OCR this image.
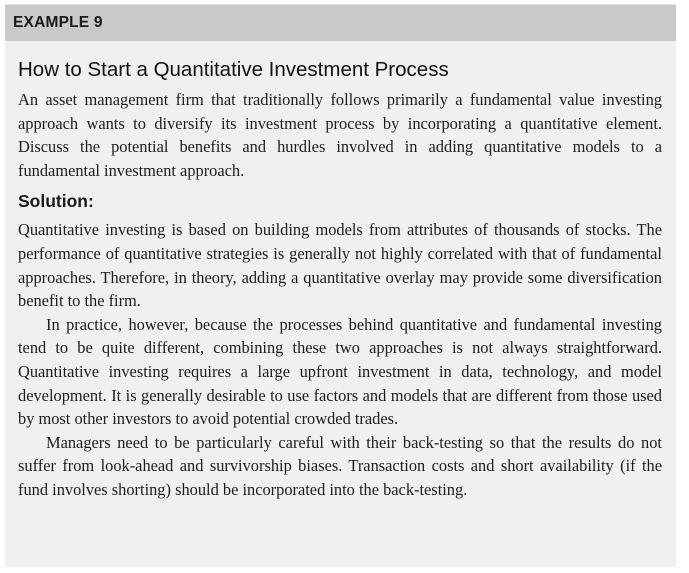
EXAMPLE 9
How to Start a Quantitative Investment Process

An asset management firm that traditionally follows primarily a fundamental value investing approach wants to diversify its investment process by incorporating a quantitative element. Discuss the potential benefits and hurdles involved in adding quantitative models to a fundamental investment approach.

Solution:

Quantitative investing is based on building models from attributes of thousands of stocks. The performance of quantitative strategies is generally not highly correlated with that of fundamental approaches. Therefore, in theory, adding a quantitative overlay may provide some diversification benefit to the firm.

In practice, however, because the processes behind quantitative and fundamental investing tend to be quite different, combining these two approaches is not always straightforward. Quantitative investing requires a large upfront investment in data, technology, and model development. It is generally desirable to use factors and models that are different from those used by most other investors to avoid potential crowded trades.

Managers need to be particularly careful with their back-testing so that the results do not suffer from look-ahead and survivorship biases. Transaction costs and short availability (if the fund involves shorting) should be incorporated into the back-testing.
